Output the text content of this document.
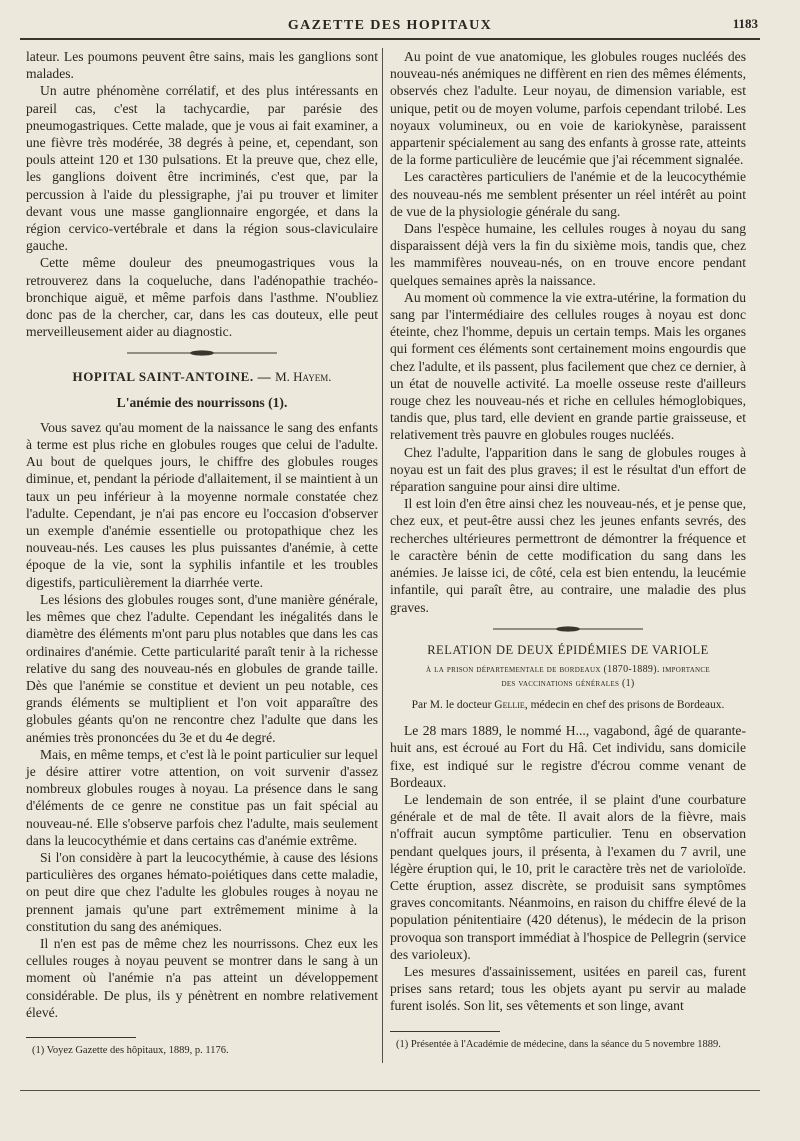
GAZETTE DES HOPITAUX	1183

lateur. Les poumons peuvent être sains, mais les ganglions sont malades.

Un autre phénomène corrélatif, et des plus intéressants en pareil cas, c'est la tachycardie, par parésie des pneumogastriques. Cette malade, que je vous ai fait examiner, a une fièvre très modérée, 38 degrés à peine, et, cependant, son pouls atteint 120 et 130 pulsations. Et la preuve que, chez elle, les ganglions doivent être incriminés, c'est que, par la percussion à l'aide du plessigraphe, j'ai pu trouver et limiter devant vous une masse ganglionnaire engorgée, et dans la région cervico-vertébrale et dans la région sous-claviculaire gauche.

Cette même douleur des pneumogastriques vous la retrouverez dans la coqueluche, dans l'adénopathie trachéo-bronchique aiguë, et même parfois dans l'asthme. N'oubliez donc pas de la chercher, car, dans les cas douteux, elle peut merveilleusement aider au diagnostic.

HOPITAL SAINT-ANTOINE. — M. Hayem.
L'anémie des nourrissons (1).

Vous savez qu'au moment de la naissance le sang des enfants à terme est plus riche en globules rouges que celui de l'adulte. Au bout de quelques jours, le chiffre des globules rouges diminue, et, pendant la période d'allaitement, il se maintient à un taux un peu inférieur à la moyenne normale constatée chez l'adulte. Cependant, je n'ai pas encore eu l'occasion d'observer un exemple d'anémie essentielle ou protopathique chez les nouveau-nés. Les causes les plus puissantes d'anémie, à cette époque de la vie, sont la syphilis infantile et les troubles digestifs, particulièrement la diarrhée verte.

Les lésions des globules rouges sont, d'une manière générale, les mêmes que chez l'adulte. Cependant les inégalités dans le diamètre des éléments m'ont paru plus notables que dans les cas ordinaires d'anémie. Cette particularité paraît tenir à la richesse relative du sang des nouveau-nés en globules de grande taille. Dès que l'anémie se constitue et devient un peu notable, ces grands éléments se multiplient et l'on voit apparaître des globules géants qu'on ne rencontre chez l'adulte que dans les anémies très prononcées du 3e et du 4e degré.

Mais, en même temps, et c'est là le point particulier sur lequel je désire attirer votre attention, on voit survenir d'assez nombreux globules rouges à noyau. La présence dans le sang d'éléments de ce genre ne constitue pas un fait spécial au nouveau-né. Elle s'observe parfois chez l'adulte, mais seulement dans la leucocythémie et dans certains cas d'anémie extrême.

Si l'on considère à part la leucocythémie, à cause des lésions particulières des organes hémato-poiétiques dans cette maladie, on peut dire que chez l'adulte les globules rouges à noyau ne prennent jamais qu'une part extrêmement minime à la constitution du sang des anémiques.

Il n'en est pas de même chez les nourrissons. Chez eux les cellules rouges à noyau peuvent se montrer dans le sang à un moment où l'anémie n'a pas atteint un développement considérable. De plus, ils y pénètrent en nombre relativement élevé.

(1) Voyez Gazette des hôpitaux, 1889, p. 1176.

Au point de vue anatomique, les globules rouges nucléés des nouveau-nés anémiques ne diffèrent en rien des mêmes éléments, observés chez l'adulte. Leur noyau, de dimension variable, est unique, petit ou de moyen volume, parfois cependant trilobé. Les noyaux volumineux, ou en voie de kariokynèse, paraissent appartenir spécialement au sang des enfants à grosse rate, atteints de la forme particulière de leucémie que j'ai récemment signalée.

Les caractères particuliers de l'anémie et de la leucocythémie des nouveau-nés me semblent présenter un réel intérêt au point de vue de la physiologie générale du sang.

Dans l'espèce humaine, les cellules rouges à noyau du sang disparaissent déjà vers la fin du sixième mois, tandis que, chez les mammifères nouveau-nés, on en trouve encore pendant quelques semaines après la naissance.

Au moment où commence la vie extra-utérine, la formation du sang par l'intermédiaire des cellules rouges à noyau est donc éteinte, chez l'homme, depuis un certain temps. Mais les organes qui forment ces éléments sont certainement moins engourdis que chez l'adulte, et ils passent, plus facilement que chez ce dernier, à un état de nouvelle activité. La moelle osseuse reste d'ailleurs rouge chez les nouveau-nés et riche en cellules hémoglobiques, tandis que, plus tard, elle devient en grande partie graisseuse, et relativement très pauvre en globules rouges nucléés.

Chez l'adulte, l'apparition dans le sang de globules rouges à noyau est un fait des plus graves; il est le résultat d'un effort de réparation sanguine pour ainsi dire ultime.

Il est loin d'en être ainsi chez les nouveau-nés, et je pense que, chez eux, et peut-être aussi chez les jeunes enfants sevrés, des recherches ultérieures permettront de démontrer la fréquence et le caractère bénin de cette modification du sang dans les anémies. Je laisse ici, de côté, cela est bien entendu, la leucémie infantile, qui paraît être, au contraire, une maladie des plus graves.

RELATION DE DEUX ÉPIDÉMIES DE VARIOLE
à la prison départementale de bordeaux (1870-1889). importance
des vaccinations générales (1)
Par M. le docteur Gellie, médecin en chef des prisons de Bordeaux.

Le 28 mars 1889, le nommé H..., vagabond, âgé de quarante-huit ans, est écroué au Fort du Hâ. Cet individu, sans domicile fixe, est indiqué sur le registre d'écrou comme venant de Bordeaux.

Le lendemain de son entrée, il se plaint d'une courbature générale et de mal de tête. Il avait alors de la fièvre, mais n'offrait aucun symptôme particulier. Tenu en observation pendant quelques jours, il présenta, à l'examen du 7 avril, une légère éruption qui, le 10, prit le caractère très net de varioloïde. Cette éruption, assez discrète, se produisit sans symptômes graves concomitants. Néanmoins, en raison du chiffre élevé de la population pénitentiaire (420 détenus), le médecin de la prison provoqua son transport immédiat à l'hospice de Pellegrin (service des varioleux).

Les mesures d'assainissement, usitées en pareil cas, furent prises sans retard; tous les objets ayant pu servir au malade furent isolés. Son lit, ses vêtements et son linge, avant

(1) Présentée à l'Académie de médecine, dans la séance du 5 novembre 1889.
